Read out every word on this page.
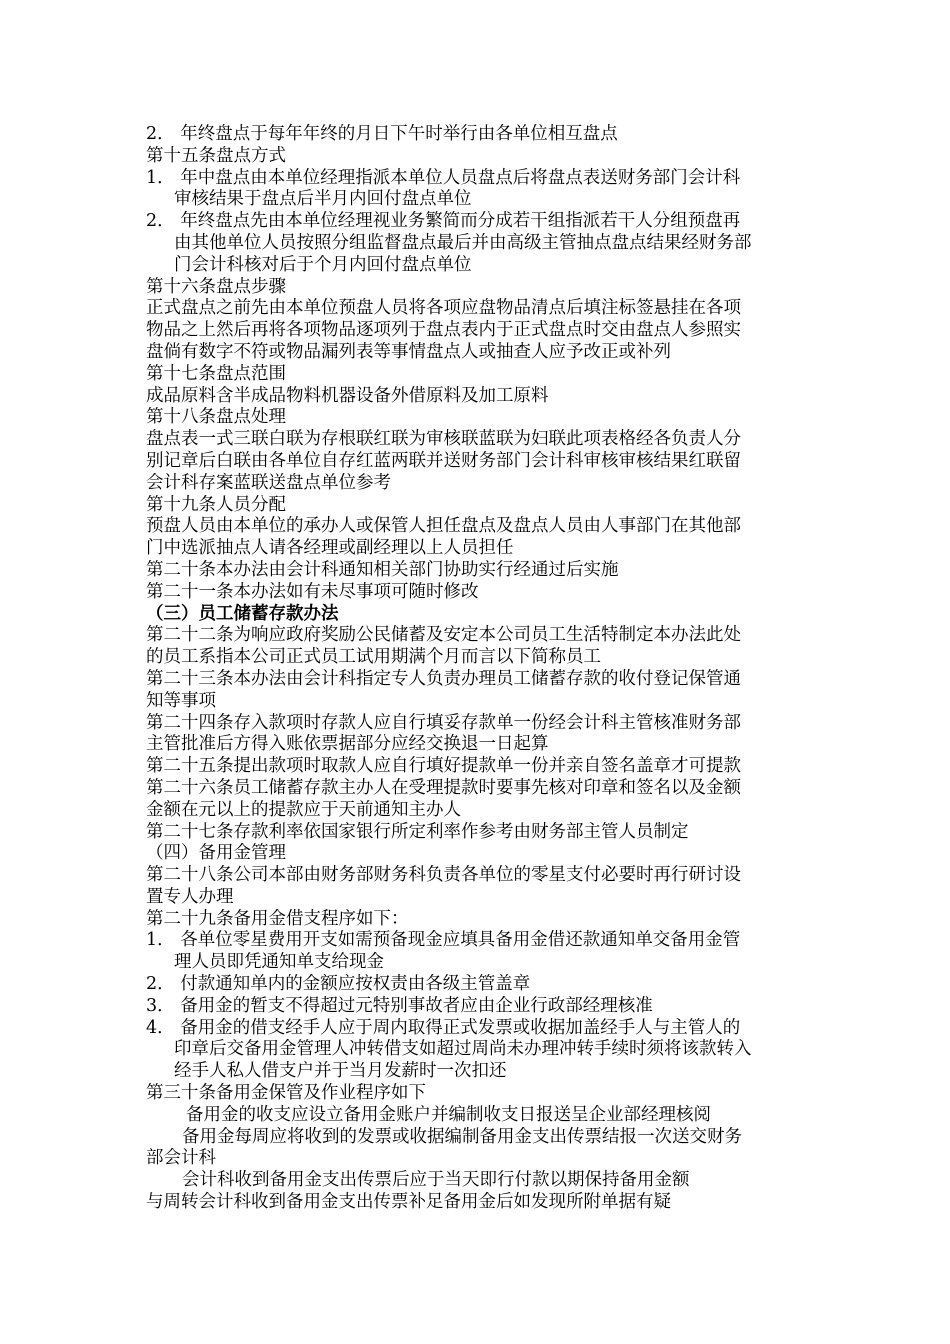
2． 年终盘点于每年年终的月日下午时举行由各单位相互盘点
第十五条盘点方式
1． 年中盘点由本单位经理指派本单位人员盘点后将盘点表送财务部门会计科
审核结果于盘点后半月内回付盘点单位
2． 年终盘点先由本单位经理视业务繁简而分成若干组指派若干人分组预盘再
由其他单位人员按照分组监督盘点最后并由高级主管抽点盘点结果经财务部
门会计科核对后于个月内回付盘点单位
第十六条盘点步骤
正式盘点之前先由本单位预盘人员将各项应盘物品清点后填注标签悬挂在各项
物品之上然后再将各项物品逐项列于盘点表内于正式盘点时交由盘点人参照实
盘倘有数字不符或物品漏列表等事情盘点人或抽查人应予改正或补列
第十七条盘点范围
成品原料含半成品物料机器设备外借原料及加工原料
第十八条盘点处理
盘点表一式三联白联为存根联红联为审核联蓝联为妇联此项表格经各负责人分
别记章后白联由各单位自存红蓝两联并送财务部门会计科审核审核结果红联留
会计科存案蓝联送盘点单位参考
第十九条人员分配
预盘人员由本单位的承办人或保管人担任盘点及盘点人员由人事部门在其他部
门中选派抽点人请各经理或副经理以上人员担任
第二十条本办法由会计科通知相关部门协助实行经通过后实施
第二十一条本办法如有未尽事项可随时修改
（三）员工储蓄存款办法
第二十二条为响应政府奖励公民储蓄及安定本公司员工生活特制定本办法此处
的员工系指本公司正式员工试用期满个月而言以下简称员工
第二十三条本办法由会计科指定专人负责办理员工储蓄存款的收付登记保管通
知等事项
第二十四条存入款项时存款人应自行填妥存款单一份经会计科主管核准财务部
主管批准后方得入账依票据部分应经交换退一日起算
第二十五条提出款项时取款人应自行填好提款单一份并亲自签名盖章才可提款
第二十六条员工储蓄存款主办人在受理提款时要事先核对印章和签名以及金额
金额在元以上的提款应于天前通知主办人
第二十七条存款利率依国家银行所定利率作参考由财务部主管人员制定
（四）备用金管理
第二十八条公司本部由财务部财务科负责各单位的零星支付必要时再行研讨设
置专人办理
第二十九条备用金借支程序如下：
1． 各单位零星费用开支如需预备现金应填具备用金借还款通知单交备用金管
理人员即凭通知单支给现金
2． 付款通知单内的金额应按权责由各级主管盖章
3． 备用金的暂支不得超过元特别事故者应由企业行政部经理核准
4． 备用金的借支经手人应于周内取得正式发票或收据加盖经手人与主管人的
印章后交备用金管理人冲转借支如超过周尚未办理冲转手续时须将该款转入
经手人私人借支户并于当月发薪时一次扣还
第三十条备用金保管及作业程序如下
备用金的收支应设立备用金账户并编制收支日报送呈企业部经理核阅
备用金每周应将收到的发票或收据编制备用金支出传票结报一次送交财务
部会计科
会计科收到备用金支出传票后应于当天即行付款以期保持备用金额
与周转会计科收到备用金支出传票补足备用金后如发现所附单据有疑
